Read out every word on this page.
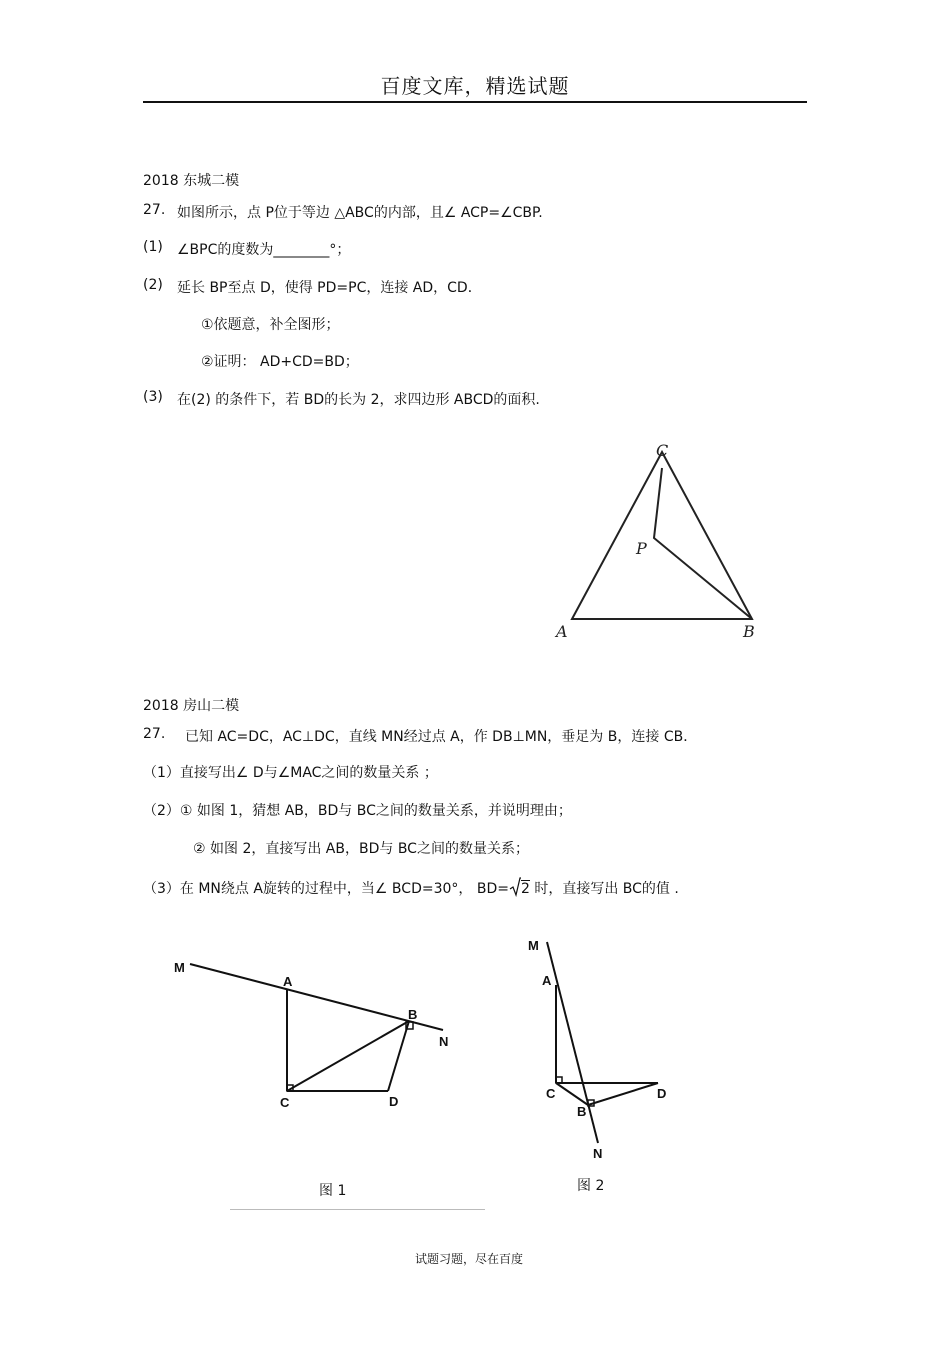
百度文库，精选试题
2018 东城二模
27. 如图所示，点 P位于等边 △ABC的内部，且∠ ACP=∠CBP.
(1) ∠BPC的度数为________°；
(2) 延长 BP至点 D，使得 PD=PC，连接 AD，CD．
①依题意，补全图形；
②证明： AD+CD=BD；
(3) 在(2) 的条件下，若 BD的长为 2，求四边形 ABCD的面积.
C
P
A	B
2018 房山二模
27. 已知 AC=DC，AC⊥DC，直线 MN经过点 A，作 DB⊥MN，垂足为 B，连接 CB．
（1）直接写出∠ D与∠MAC之间的数量关系 ；
（2）① 如图 1，猜想 AB，BD与 BC之间的数量关系，并说明理由；
② 如图 2，直接写出 AB，BD与 BC之间的数量关系；
（3）在 MN绕点 A旋转的过程中，当∠ BCD=30°， BD= 2 时，直接写出 BC的值 .
M
A
B
N
C	D
图 1
M
A
C	D
B
N
图 2
试题习题，尽在百度
